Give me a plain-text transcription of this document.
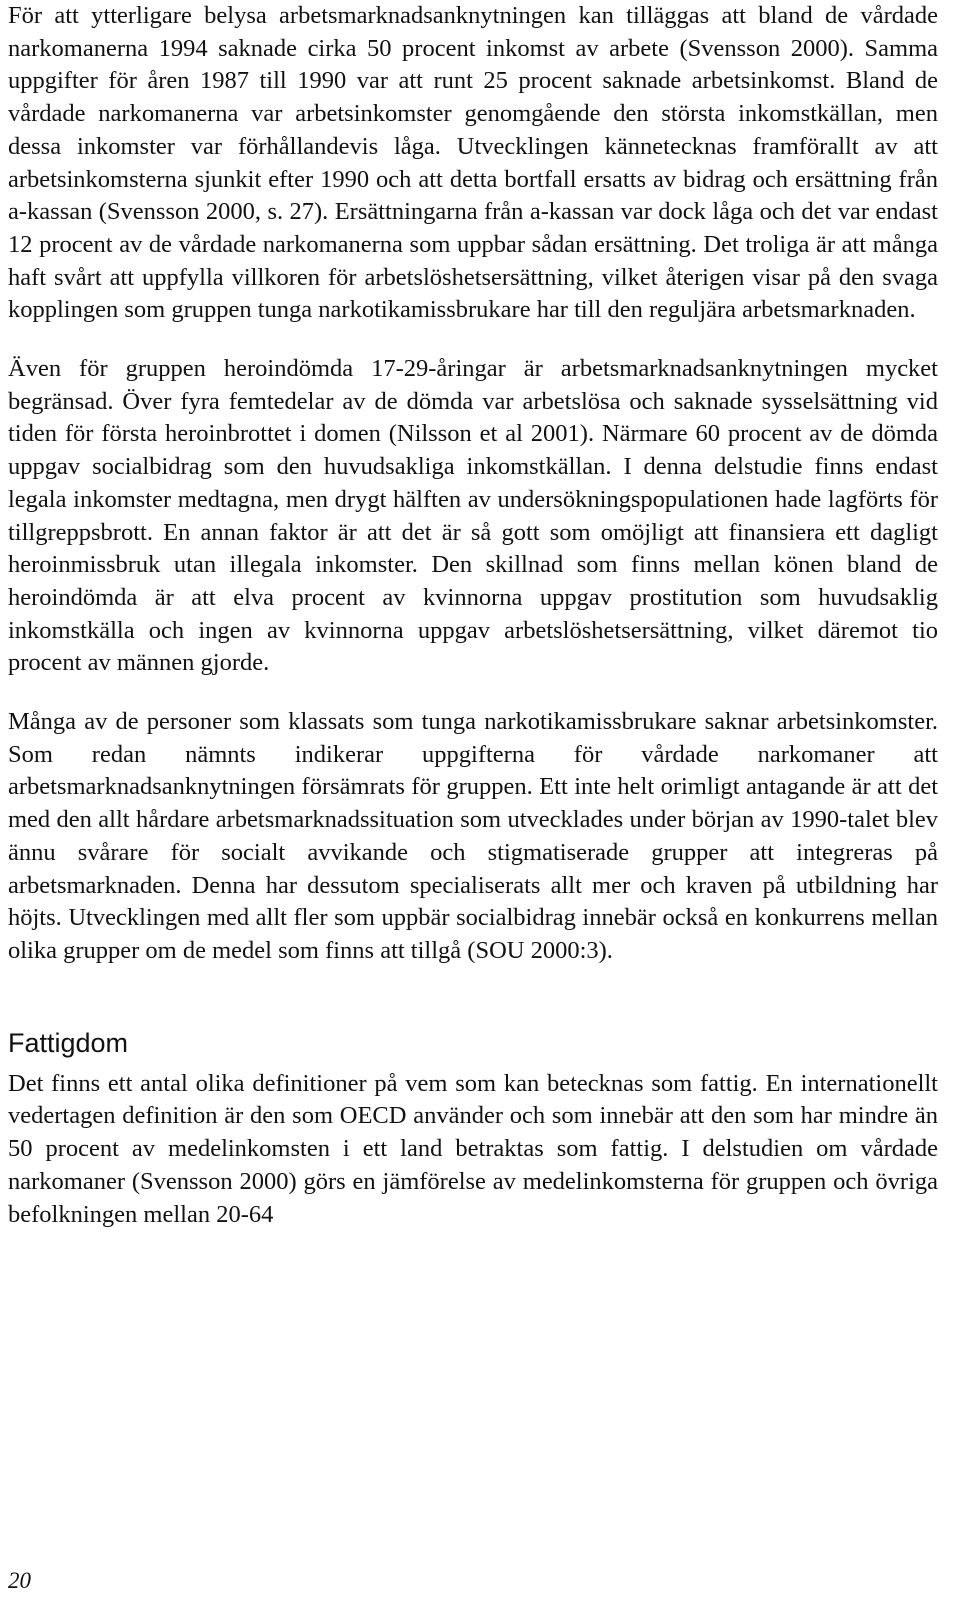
För att ytterligare belysa arbetsmarknadsanknytningen kan tilläggas att bland de vårdade narkomanerna 1994 saknade cirka 50 procent inkomst av arbete (Svensson 2000). Samma uppgifter för åren 1987 till 1990 var att runt 25 procent saknade arbetsinkomst. Bland de vårdade narkomanerna var arbetsinkomster genomgående den största inkomstkällan, men dessa inkomster var förhållandevis låga. Utvecklingen kännetecknas framförallt av att arbetsinkomsterna sjunkit efter 1990 och att detta bortfall ersatts av bidrag och ersättning från a-kassan (Svensson 2000, s. 27). Ersättningarna från a-kassan var dock låga och det var endast 12 procent av de vårdade narkomanerna som uppbar sådan ersättning. Det troliga är att många haft svårt att uppfylla villkoren för arbetslöshetsersättning, vilket återigen visar på den svaga kopplingen som gruppen tunga narkotikamissbrukare har till den reguljära arbetsmarknaden.

Även för gruppen heroindömda 17-29-åringar är arbetsmarknadsanknytningen mycket begränsad. Över fyra femtedelar av de dömda var arbetslösa och saknade sysselsättning vid tiden för första heroinbrottet i domen (Nilsson et al 2001). Närmare 60 procent av de dömda uppgav socialbidrag som den huvudsakliga inkomstkällan. I denna delstudie finns endast legala inkomster medtagna, men drygt hälften av undersökningspopulationen hade lagförts för tillgreppsbrott. En annan faktor är att det är så gott som omöjligt att finansiera ett dagligt heroinmissbruk utan illegala inkomster. Den skillnad som finns mellan könen bland de heroindömda är att elva procent av kvinnorna uppgav prostitution som huvudsaklig inkomstkälla och ingen av kvinnorna uppgav arbetslöshetsersättning, vilket däremot tio procent av männen gjorde.

Många av de personer som klassats som tunga narkotikamissbrukare saknar arbetsinkomster. Som redan nämnts indikerar uppgifterna för vårdade narkomaner att arbetsmarknadsanknytningen försämrats för gruppen. Ett inte helt orimligt antagande är att det med den allt hårdare arbetsmarknadssituation som utvecklades under början av 1990-talet blev ännu svårare för socialt avvikande och stigmatiserade grupper att integreras på arbetsmarknaden. Denna har dessutom specialiserats allt mer och kraven på utbildning har höjts. Utvecklingen med allt fler som uppbär socialbidrag innebär också en konkurrens mellan olika grupper om de medel som finns att tillgå (SOU 2000:3).

Fattigdom

Det finns ett antal olika definitioner på vem som kan betecknas som fattig. En internationellt vedertagen definition är den som OECD använder och som innebär att den som har mindre än 50 procent av medelinkomsten i ett land betraktas som fattig. I delstudien om vårdade narkomaner (Svensson 2000) görs en jämförelse av medelinkomsterna för gruppen och övriga befolkningen mellan 20-64

20
